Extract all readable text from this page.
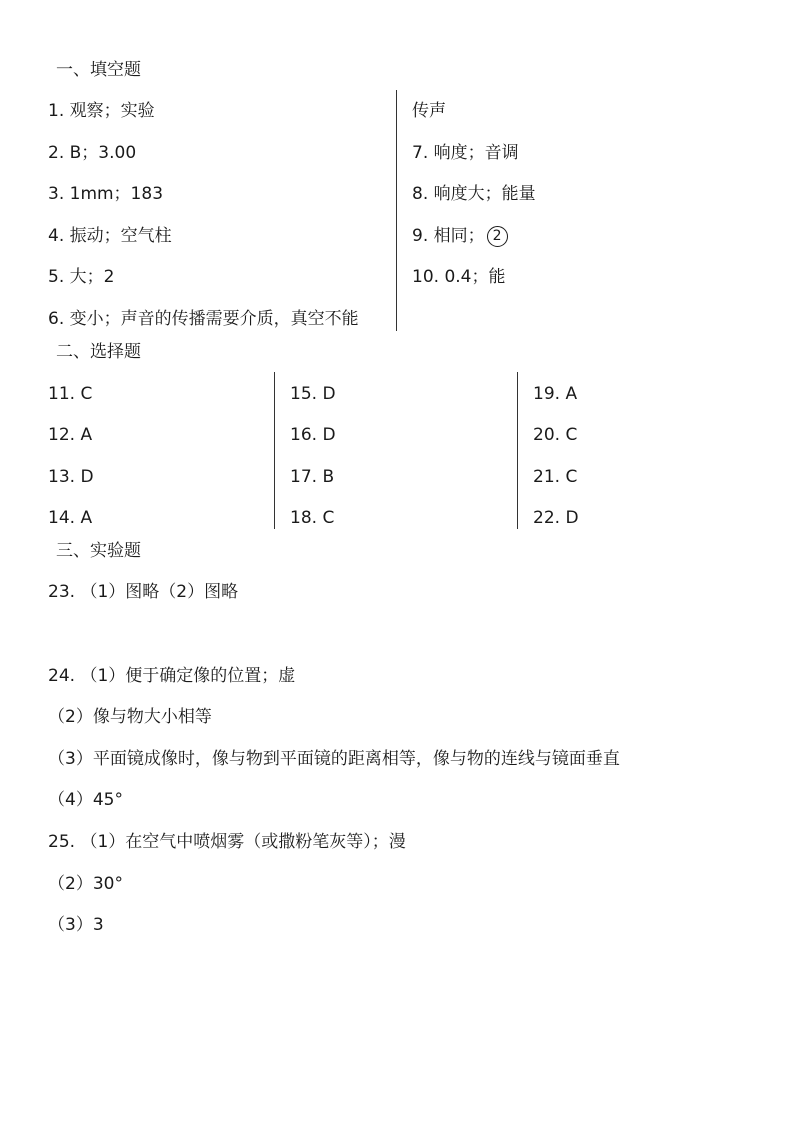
一、填空题
1. 观察；实验
2. B；3.00
3. 1mm；183
4. 振动；空气柱
5. 大；2
6. 变小；声音的传播需要介质，真空不能
传声
7. 响度；音调
8. 响度大；能量
9. 相同； 2
10. 0.4；能
二、选择题
11. C
12. A
13. D
14. A
15. D
16. D
17. B
18. C
19. A
20. C
21. C
22. D
三、实验题
23. （1）图略（2）图略
24. （1）便于确定像的位置；虚
（2）像与物大小相等
（3）平面镜成像时，像与物到平面镜的距离相等，像与物的连线与镜面垂直
（4）45°
25. （1）在空气中喷烟雾（或撒粉笔灰等）；漫
（2）30°
（3）3
